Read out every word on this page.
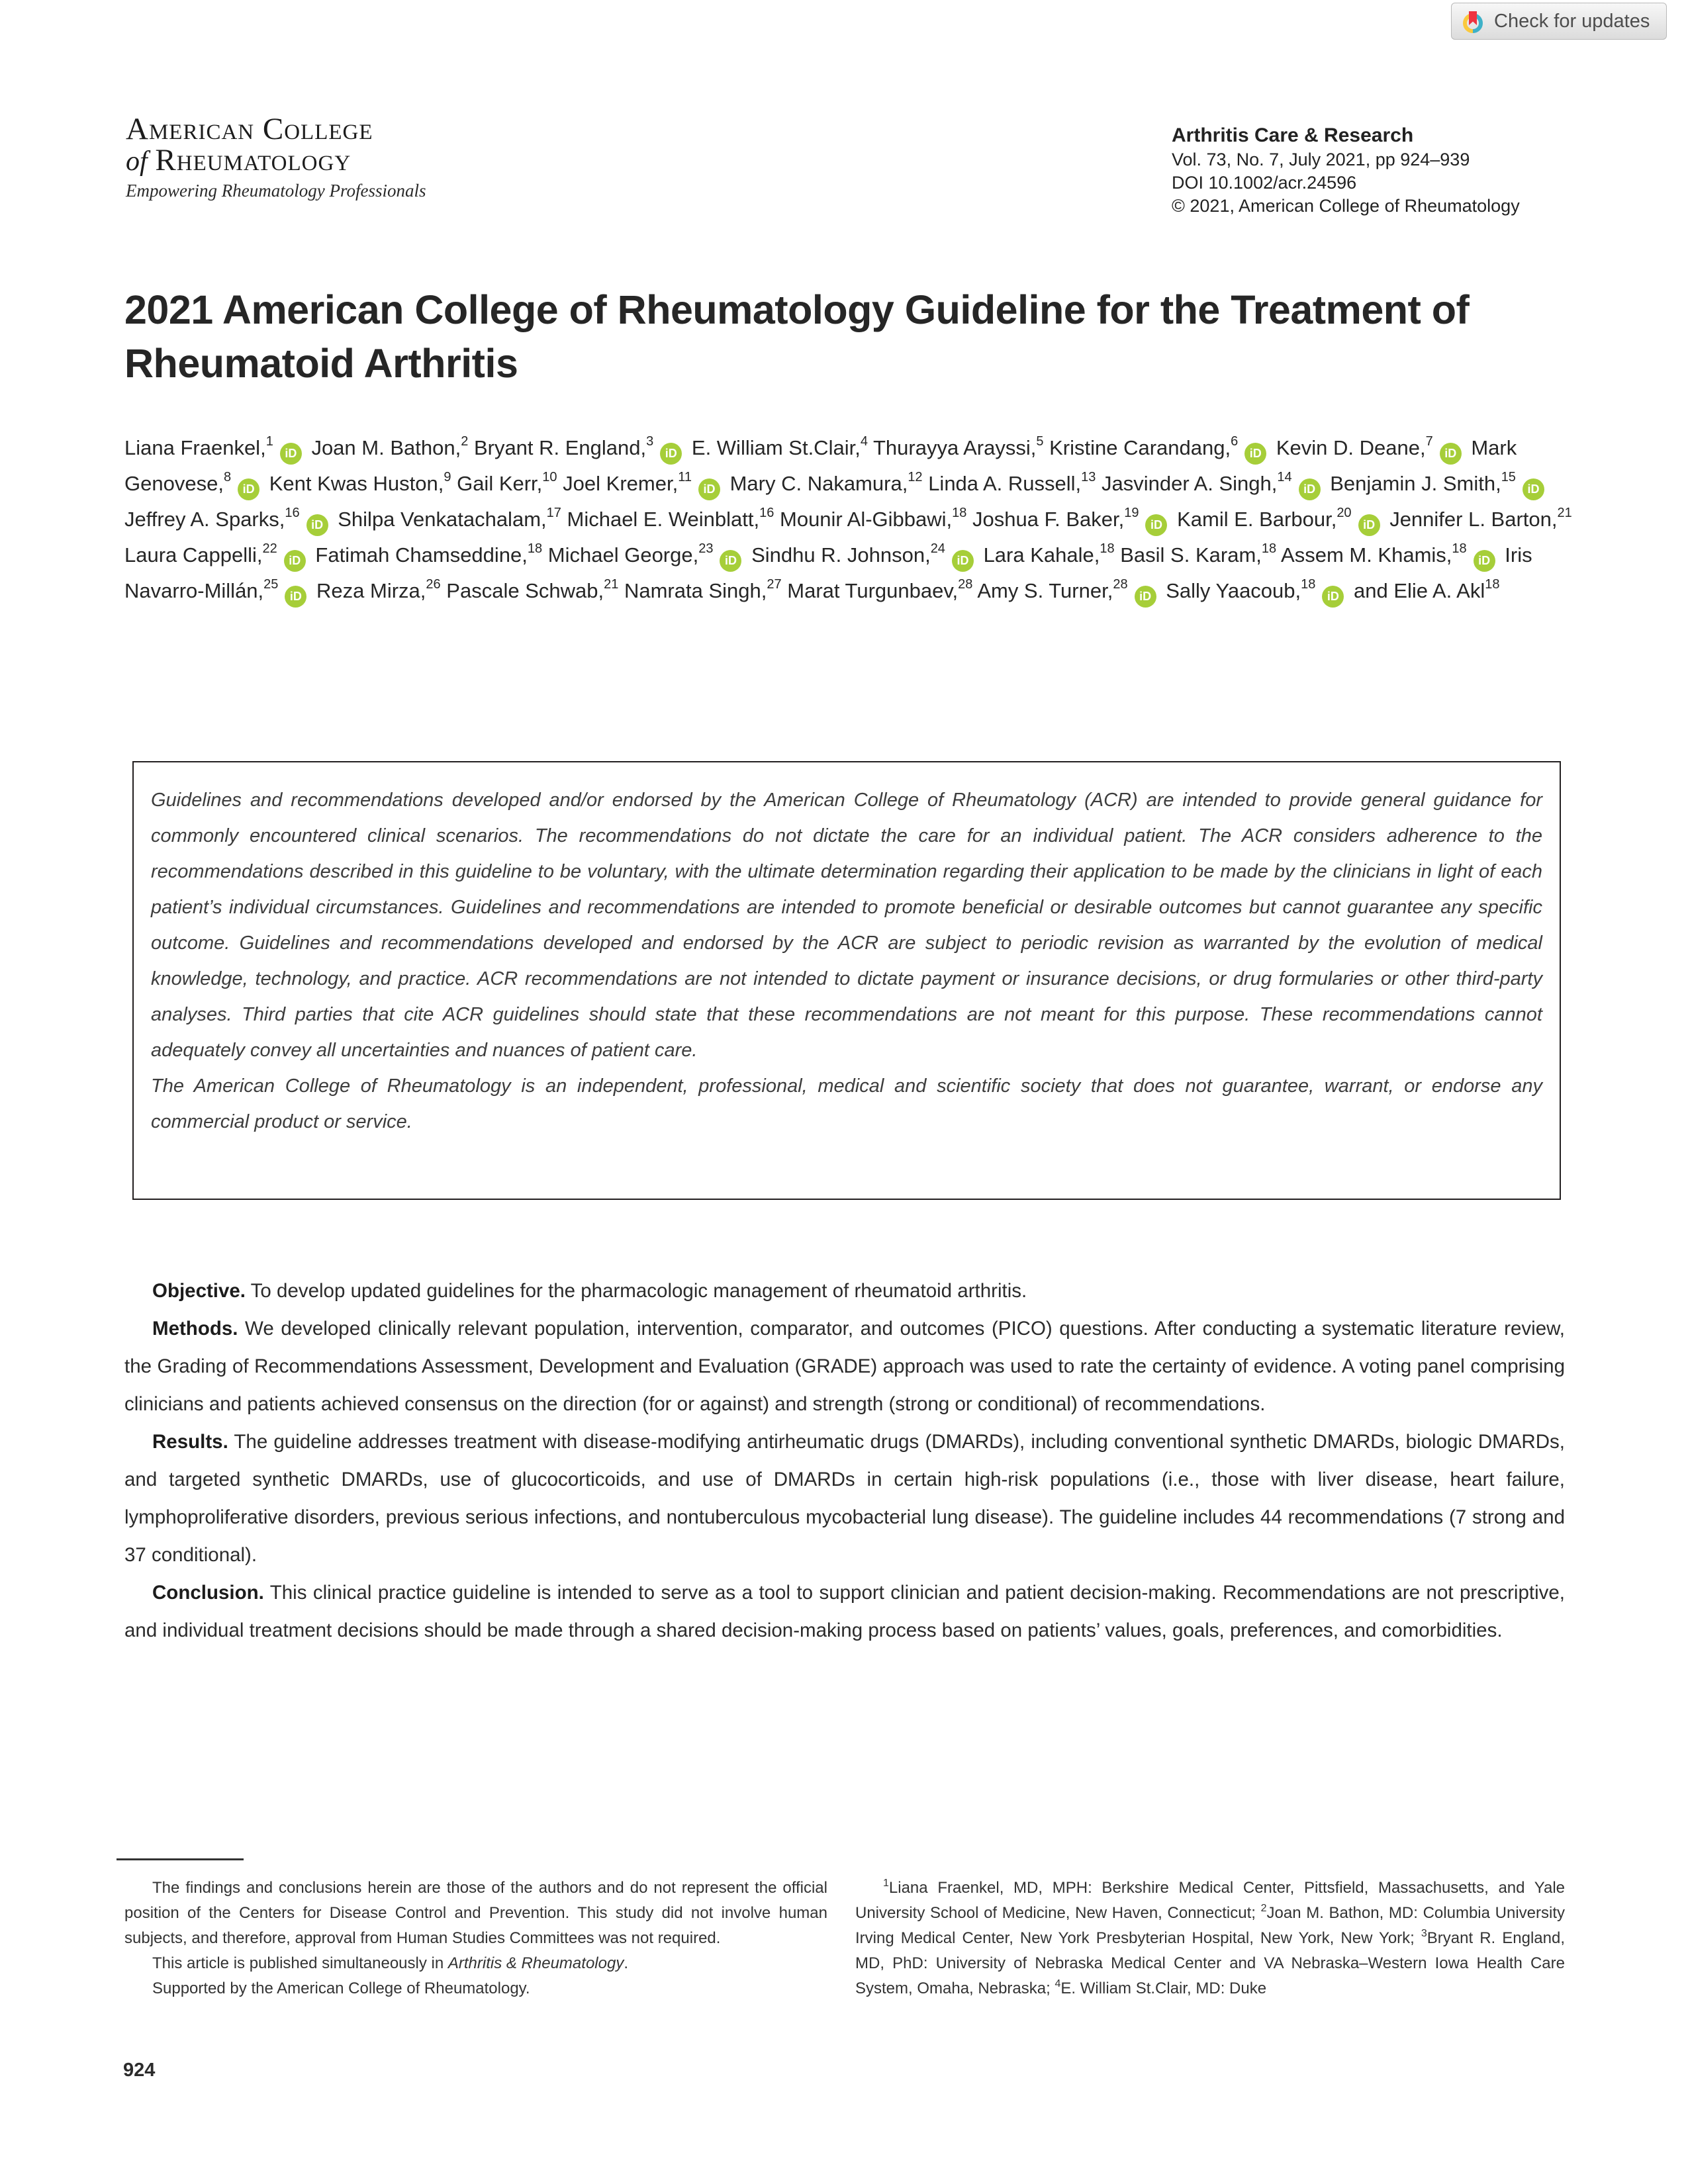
Check for updates
American College
of Rheumatology
Empowering Rheumatology Professionals
Arthritis Care & Research
Vol. 73, No. 7, July 2021, pp 924–939
DOI 10.1002/acr.24596
© 2021, American College of Rheumatology
2021 American College of Rheumatology Guideline for the Treatment of Rheumatoid Arthritis
Liana Fraenkel,$^1$iD Joan M. Bathon,$^2$ Bryant R. England,$^3$iD E. William St.Clair,$^4$ Thurayya Arayssi,$^5$ Kristine Carandang,$^6$iD Kevin D. Deane,$^7$iD Mark Genovese,$^8$iD Kent Kwas Huston,$^9$ Gail Kerr,$^{10}$ Joel Kremer,$^{11}$iD Mary C. Nakamura,$^{12}$ Linda A. Russell,$^{13}$ Jasvinder A. Singh,$^{14}$iD Benjamin J. Smith,$^{15}$iD Jeffrey A. Sparks,$^{16}$iD Shilpa Venkatachalam,$^{17}$ Michael E. Weinblatt,$^{16}$ Mounir Al-Gibbawi,$^{18}$ Joshua F. Baker,$^{19}$iD Kamil E. Barbour,$^{20}$iD Jennifer L. Barton,$^{21}$ Laura Cappelli,$^{22}$iD Fatimah Chamseddine,$^{18}$ Michael George,$^{23}$iD Sindhu R. Johnson,$^{24}$iD Lara Kahale,$^{18}$ Basil S. Karam,$^{18}$ Assem M. Khamis,$^{18}$iD Iris Navarro-Millán,$^{25}$iD Reza Mirza,$^{26}$ Pascale Schwab,$^{21}$ Namrata Singh,$^{27}$ Marat Turgunbaev,$^{28}$ Amy S. Turner,$^{28}$iD Sally Yaacoub,$^{18}$iD and Elie A. Akl$^{18}$
Guidelines and recommendations developed and/or endorsed by the American College of Rheumatology (ACR) are intended to provide general guidance for commonly encountered clinical scenarios. The recommendations do not dictate the care for an individual patient. The ACR considers adherence to the recommendations described in this guideline to be voluntary, with the ultimate determination regarding their application to be made by the clinicians in light of each patient’s individual circumstances. Guidelines and recommendations are intended to promote beneficial or desirable outcomes but cannot guarantee any specific outcome. Guidelines and recommendations developed and endorsed by the ACR are subject to periodic revision as warranted by the evolution of medical knowledge, technology, and practice. ACR recommendations are not intended to dictate payment or insurance decisions, or drug formularies or other third-party analyses. Third parties that cite ACR guidelines should state that these recommendations are not meant for this purpose. These recommendations cannot adequately convey all uncertainties and nuances of patient care.
The American College of Rheumatology is an independent, professional, medical and scientific society that does not guarantee, warrant, or endorse any commercial product or service.

Objective. To develop updated guidelines for the pharmacologic management of rheumatoid arthritis.

Methods. We developed clinically relevant population, intervention, comparator, and outcomes (PICO) questions. After conducting a systematic literature review, the Grading of Recommendations Assessment, Development and Evaluation (GRADE) approach was used to rate the certainty of evidence. A voting panel comprising clinicians and patients achieved consensus on the direction (for or against) and strength (strong or conditional) of recommendations.

Results. The guideline addresses treatment with disease-modifying antirheumatic drugs (DMARDs), including conventional synthetic DMARDs, biologic DMARDs, and targeted synthetic DMARDs, use of glucocorticoids, and use of DMARDs in certain high-risk populations (i.e., those with liver disease, heart failure, lymphoproliferative disorders, previous serious infections, and nontuberculous mycobacterial lung disease). The guideline includes 44 recommendations (7 strong and 37 conditional).

Conclusion. This clinical practice guideline is intended to serve as a tool to support clinician and patient decision-making. Recommendations are not prescriptive, and individual treatment decisions should be made through a shared decision-making process based on patients’ values, goals, preferences, and comorbidities.

The findings and conclusions herein are those of the authors and do not represent the official position of the Centers for Disease Control and Prevention. This study did not involve human subjects, and therefore, approval from Human Studies Committees was not required.

This article is published simultaneously in Arthritis & Rheumatology.

Supported by the American College of Rheumatology.

$^1$Liana Fraenkel, MD, MPH: Berkshire Medical Center, Pittsfield, Massachusetts, and Yale University School of Medicine, New Haven, Connecticut; $^2$Joan M. Bathon, MD: Columbia University Irving Medical Center, New York Presbyterian Hospital, New York, New York; $^3$Bryant R. England, MD, PhD: University of Nebraska Medical Center and VA Nebraska–Western Iowa Health Care System, Omaha, Nebraska; $^4$E. William St.Clair, MD: Duke

924
